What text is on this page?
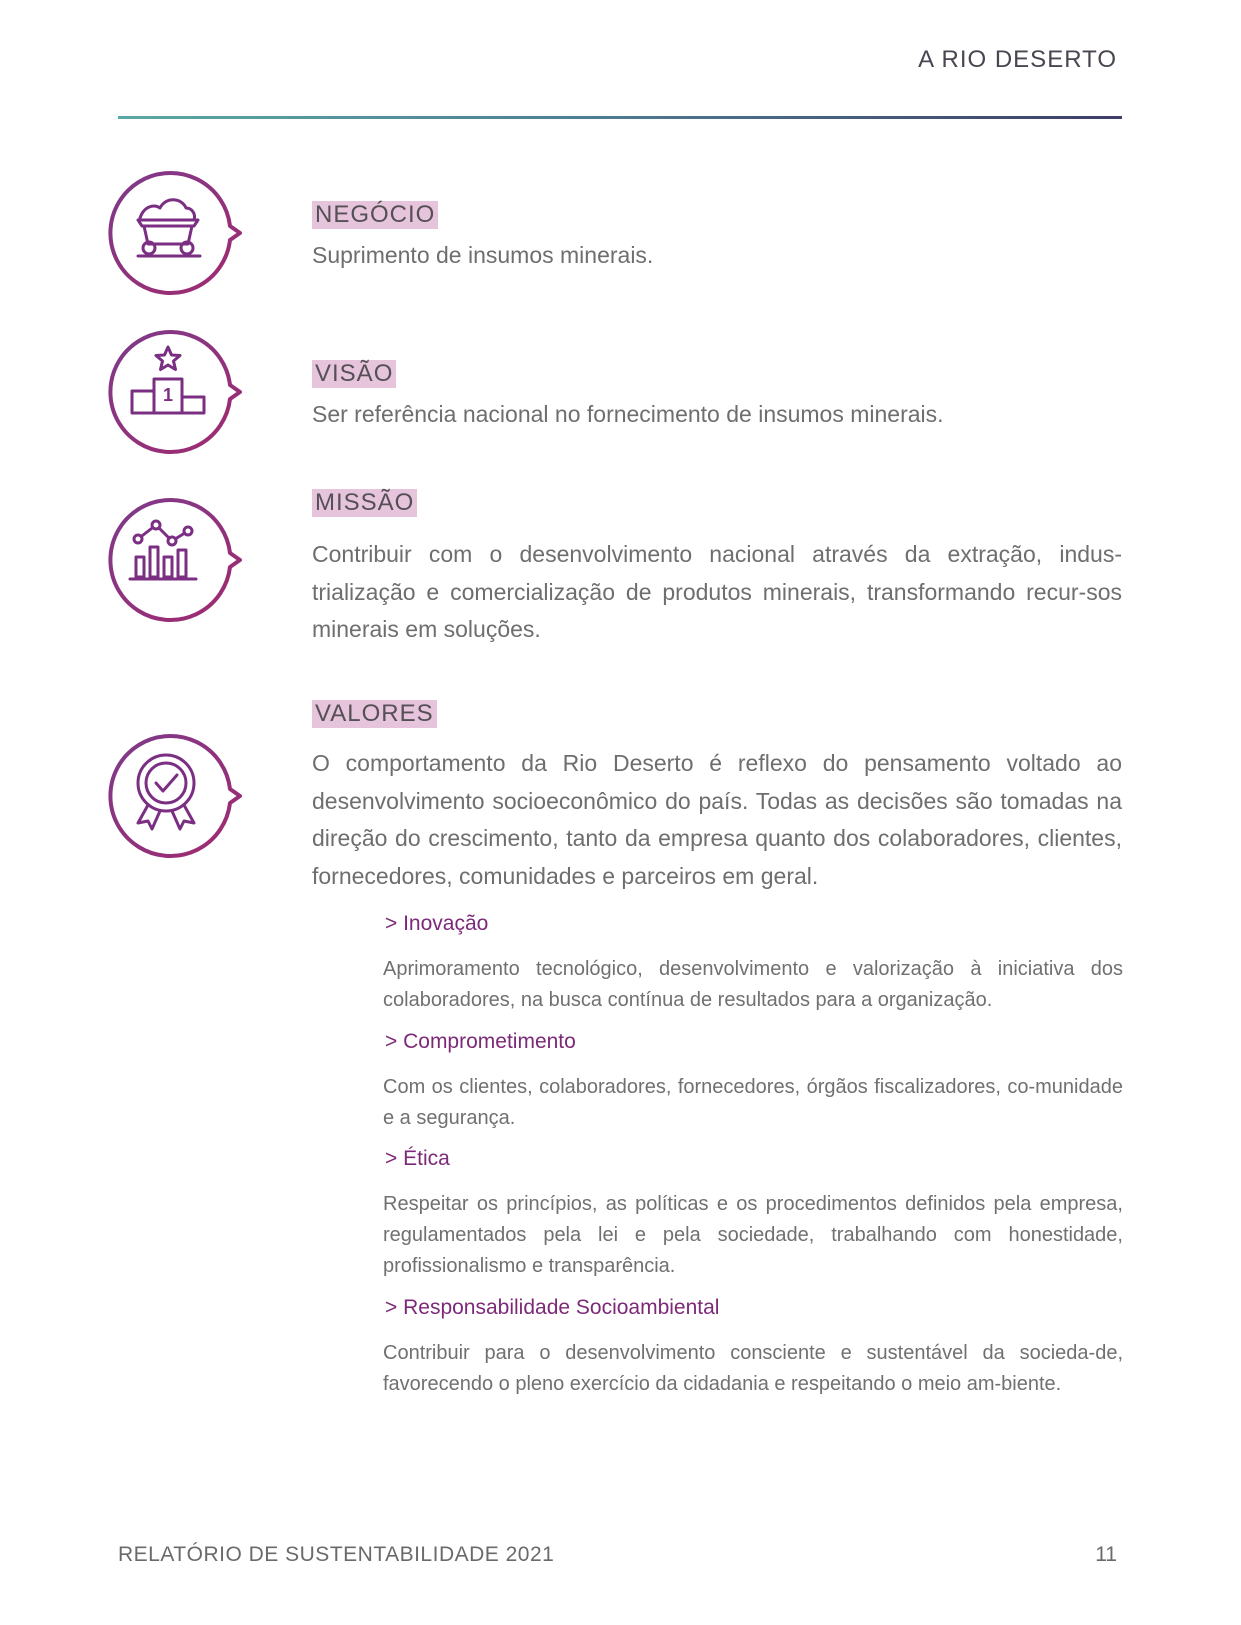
A RIO DESERTO
NEGÓCIO
Suprimento de insumos minerais.
1
VISÃO
Ser referência nacional no fornecimento de insumos minerais.
MISSÃO
Contribuir com o desenvolvimento nacional através da extração, indus-trialização e comercialização de produtos minerais, transformando recur-sos minerais em soluções.
VALORES
O comportamento da Rio Deserto é reflexo do pensamento voltado ao desenvolvimento socioeconômico do país. Todas as decisões são tomadas na direção do crescimento, tanto da empresa quanto dos colaboradores, clientes, fornecedores, comunidades e parceiros em geral.
> Inovação
Aprimoramento tecnológico, desenvolvimento e valorização à iniciativa dos colaboradores, na busca contínua de resultados para a organização.
> Comprometimento
Com os clientes, colaboradores, fornecedores, órgãos fiscalizadores, co-munidade e a segurança.
> Ética
Respeitar os princípios, as políticas e os procedimentos definidos pela empresa, regulamentados pela lei e pela sociedade, trabalhando com honestidade, profissionalismo e transparência.
> Responsabilidade Socioambiental
Contribuir para o desenvolvimento consciente e sustentável da socieda-de, favorecendo o pleno exercício da cidadania e respeitando o meio am-biente.
RELATÓRIO DE SUSTENTABILIDADE 2021	11
